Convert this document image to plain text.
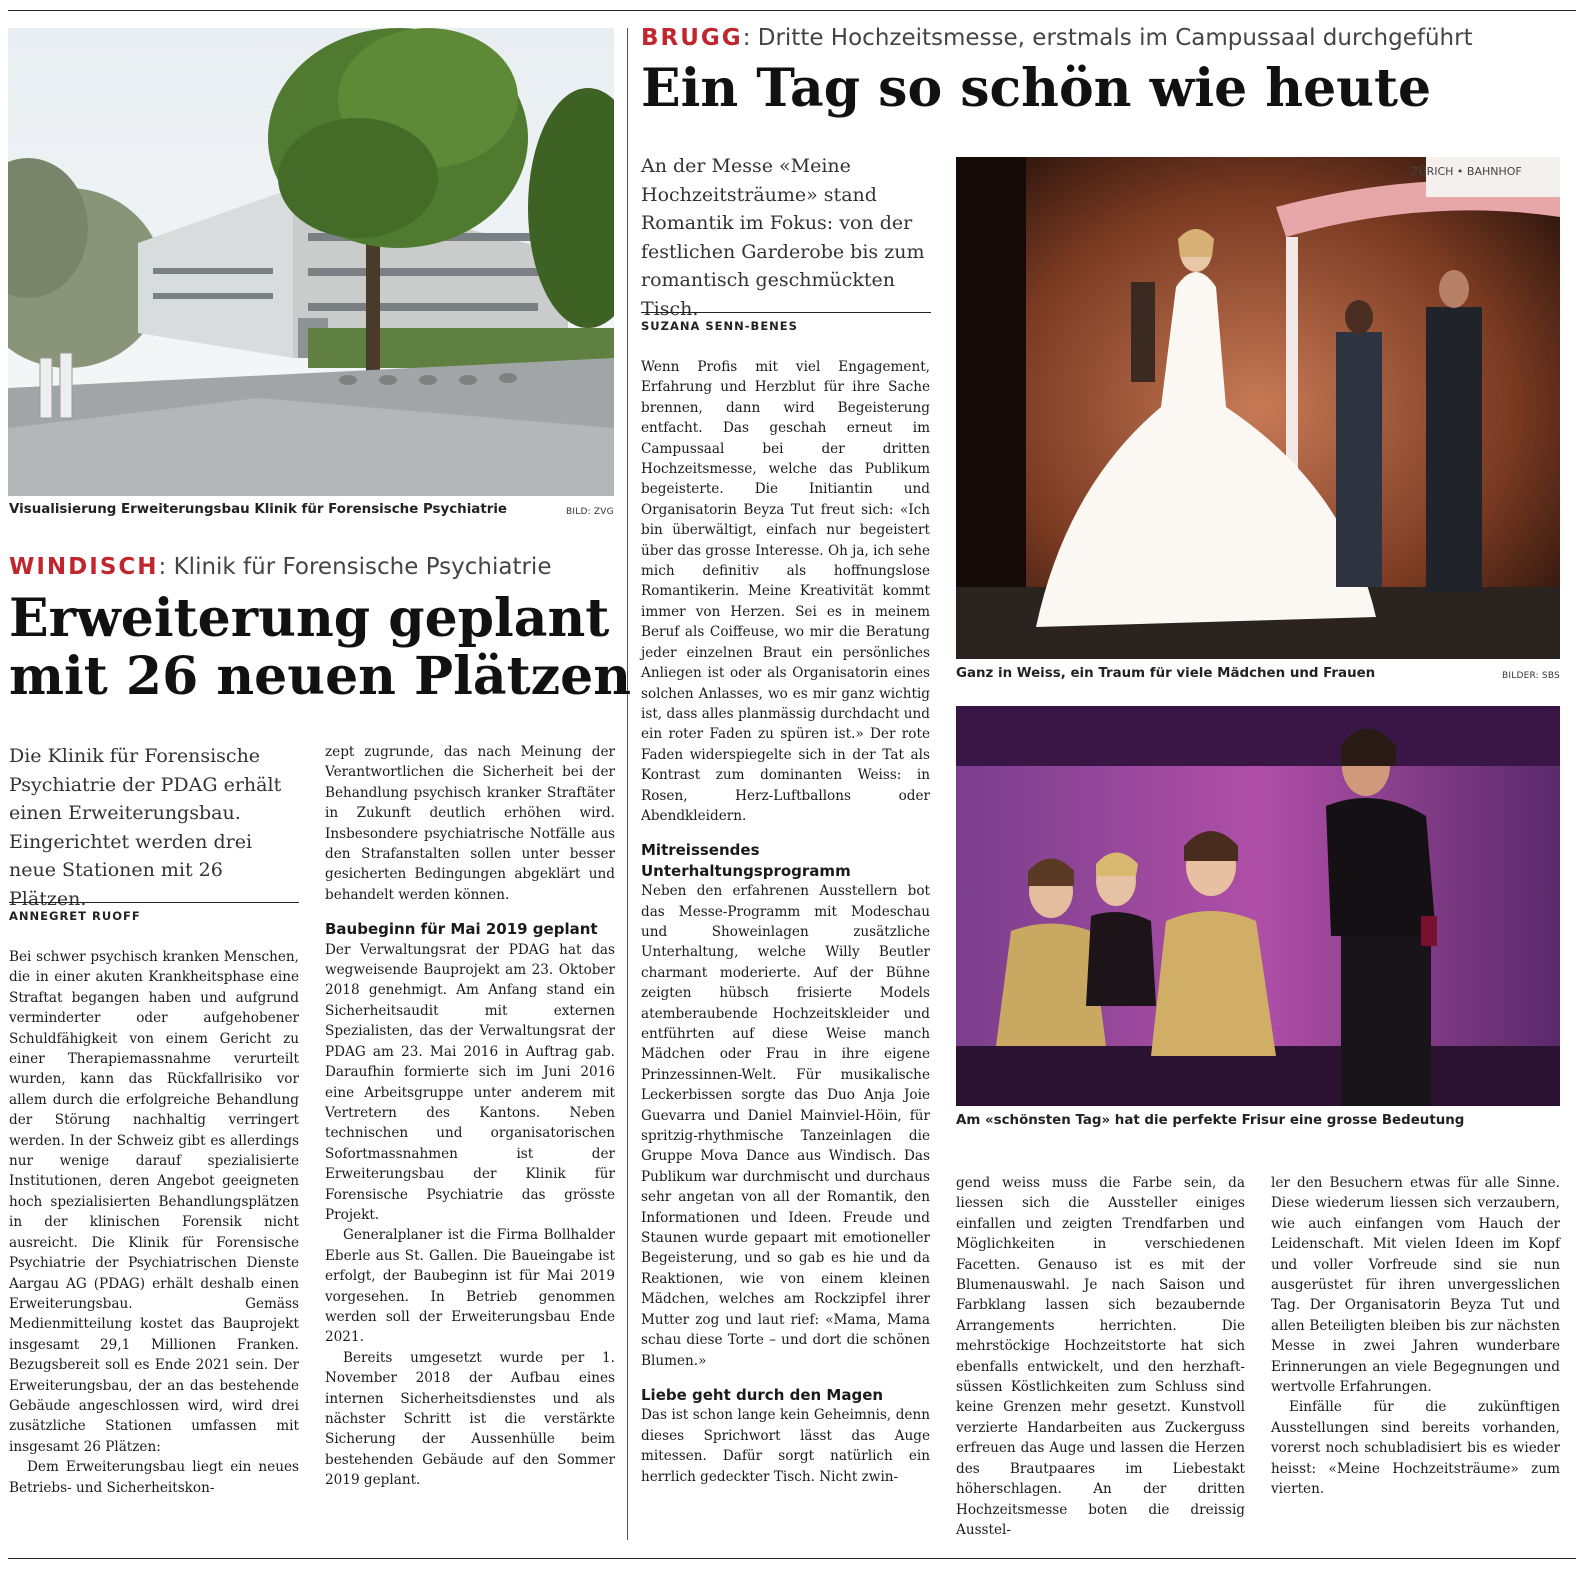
Visualisierung Erweiterungsbau Klinik für Forensische Psychiatrie	BILD: ZVG
WINDISCH: Klinik für Forensische Psychiatrie
Erweiterung geplant
mit 26 neuen Plätzen
Die Klinik für Forensische Psychiatrie der PDAG erhält einen Erweiterungsbau. Eingerichtet werden drei neue Stationen mit 26 Plätzen.
ANNEGRET RUOFF

Bei schwer psychisch kranken Menschen, die in einer akuten Krankheitsphase eine Straftat begangen haben und aufgrund verminderter oder aufgehobener Schuldfähigkeit von einem Gericht zu einer Therapiemassnahme verurteilt wurden, kann das Rückfallrisiko vor allem durch die erfolgreiche Behandlung der Störung nachhaltig verringert werden. In der Schweiz gibt es allerdings nur wenige darauf spezialisierte Institutionen, deren Angebot geeigneten hoch spezialisierten Behandlungsplätzen in der klinischen Forensik nicht ausreicht. Die Klinik für Forensische Psychiatrie der Psychiatrischen Dienste Aargau AG (PDAG) erhält deshalb einen Erweiterungsbau. Gemäss Medienmitteilung kostet das Bauprojekt insgesamt 29,1 Millionen Franken. Bezugsbereit soll es Ende 2021 sein. Der Erweiterungsbau, der an das bestehende Gebäude angeschlossen wird, wird drei zusätzliche Stationen umfassen mit insgesamt 26 Plätzen:

Dem Erweiterungsbau liegt ein neues Betriebs- und Sicherheitskon-

zept zugrunde, das nach Meinung der Verantwortlichen die Sicherheit bei der Behandlung psychisch kranker Straftäter in Zukunft deutlich erhöhen wird. Insbesondere psychiatrische Notfälle aus den Strafanstalten sollen unter besser gesicherten Bedingungen abgeklärt und behandelt werden können.

Baubeginn für Mai 2019 geplant

Der Verwaltungsrat der PDAG hat das wegweisende Bauprojekt am 23. Oktober 2018 genehmigt. Am Anfang stand ein Sicherheitsaudit mit externen Spezialisten, das der Verwaltungsrat der PDAG am 23. Mai 2016 in Auftrag gab. Daraufhin formierte sich im Juni 2016 eine Arbeitsgruppe unter anderem mit Vertretern des Kantons. Neben technischen und organisatorischen Sofortmassnahmen ist der Erweiterungsbau der Klinik für Forensische Psychiatrie das grösste Projekt.

Generalplaner ist die Firma Bollhalder Eberle aus St. Gallen. Die Baueingabe ist erfolgt, der Baubeginn ist für Mai 2019 vorgesehen. In Betrieb genommen werden soll der Erweiterungsbau Ende 2021.

Bereits umgesetzt wurde per 1. November 2018 der Aufbau eines internen Sicherheitsdienstes und als nächster Schritt ist die verstärkte Sicherung der Aussenhülle beim bestehenden Gebäude auf den Sommer 2019 geplant.

BRUGG: Dritte Hochzeitsmesse, erstmals im Campussaal durchgeführt
Ein Tag so schön wie heute
An der Messe «Meine Hochzeitsträume» stand Romantik im Fokus: von der festlichen Garderobe bis zum romantisch geschmückten Tisch.
SUZANA SENN-BENES
ZÜRICH • BAHNHOF
Ganz in Weiss, ein Traum für viele Mädchen und Frauen	BILDER: SBS
Am «schönsten Tag» hat die perfekte Frisur eine grosse Bedeutung

Wenn Profis mit viel Engagement, Erfahrung und Herzblut für ihre Sache brennen, dann wird Begeisterung entfacht. Das geschah erneut im Campussaal bei der dritten Hochzeitsmesse, welche das Publikum begeisterte. Die Initiantin und Organisatorin Beyza Tut freut sich: «Ich bin überwältigt, einfach nur begeistert über das grosse Interesse. Oh ja, ich sehe mich definitiv als hoffnungslose Romantikerin. Meine Kreativität kommt immer von Herzen. Sei es in meinem Beruf als Coiffeuse, wo mir die Beratung jeder einzelnen Braut ein persönliches Anliegen ist oder als Organisatorin eines solchen Anlasses, wo es mir ganz wichtig ist, dass alles planmässig durchdacht und ein roter Faden zu spüren ist.» Der rote Faden widerspiegelte sich in der Tat als Kontrast zum dominanten Weiss: in Rosen, Herz-Luftballons oder Abendkleidern.

Mitreissendes Unterhaltungsprogramm

Neben den erfahrenen Ausstellern bot das Messe-Programm mit Modeschau und Showeinlagen zusätzliche Unterhaltung, welche Willy Beutler charmant moderierte. Auf der Bühne zeigten hübsch frisierte Models atemberaubende Hochzeitskleider und entführten auf diese Weise manch Mädchen oder Frau in ihre eigene Prinzessinnen-Welt. Für musikalische Leckerbissen sorgte das Duo Anja Joie Guevarra und Daniel Mainviel-Höin, für spritzig-rhythmische Tanzeinlagen die Gruppe Mova Dance aus Windisch. Das Publikum war durchmischt und durchaus sehr angetan von all der Romantik, den Informationen und Ideen. Freude und Staunen wurde gepaart mit emotioneller Begeisterung, und so gab es hie und da Reaktionen, wie von einem kleinen Mädchen, welches am Rockzipfel ihrer Mutter zog und laut rief: «Mama, Mama schau diese Torte – und dort die schönen Blumen.»

Liebe geht durch den Magen

Das ist schon lange kein Geheimnis, denn dieses Sprichwort lässt das Auge mitessen. Dafür sorgt natürlich ein herrlich gedeckter Tisch. Nicht zwin-

gend weiss muss die Farbe sein, da liessen sich die Aussteller einiges einfallen und zeigten Trendfarben und Möglichkeiten in verschiedenen Facetten. Genauso ist es mit der Blumenauswahl. Je nach Saison und Farbklang lassen sich bezaubernde Arrangements herrichten. Die mehrstöckige Hochzeitstorte hat sich ebenfalls entwickelt, und den herzhaft-süssen Köstlichkeiten zum Schluss sind keine Grenzen mehr gesetzt. Kunstvoll verzierte Handarbeiten aus Zuckerguss erfreuen das Auge und lassen die Herzen des Brautpaares im Liebestakt höherschlagen. An der dritten Hochzeitsmesse boten die dreissig Ausstel-

ler den Besuchern etwas für alle Sinne. Diese wiederum liessen sich verzaubern, wie auch einfangen vom Hauch der Leidenschaft. Mit vielen Ideen im Kopf und voller Vorfreude sind sie nun ausgerüstet für ihren unvergesslichen Tag. Der Organisatorin Beyza Tut und allen Beteiligten bleiben bis zur nächsten Messe in zwei Jahren wunderbare Erinnerungen an viele Begegnungen und wertvolle Erfahrungen.

Einfälle für die zukünftigen Ausstellungen sind bereits vorhanden, vorerst noch schubladisiert bis es wieder heisst: «Meine Hochzeitsträume» zum vierten.
